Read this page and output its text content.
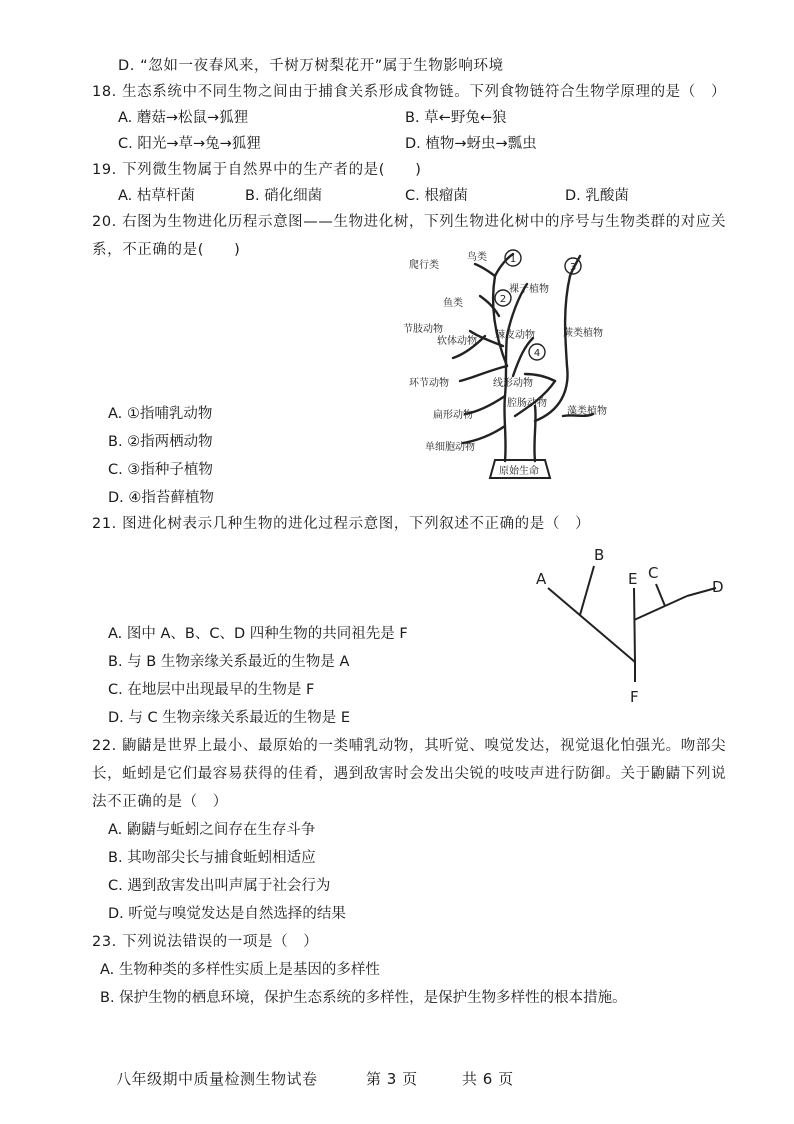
D. “忽如一夜春风来，千树万树梨花开”属于生物影响环境
18. 生态系统中不同生物之间由于捕食关系形成食物链。下列食物链符合生物学原理的是（　）
A. 蘑菇→松鼠→狐狸	B. 草←野兔←狼
C. 阳光→草→兔→狐狸	D. 植物→蚜虫→瓢虫
19. 下列微生物属于自然界中的生产者的是(　　)
A. 枯草杆菌	B. 硝化细菌	C. 根瘤菌	D. 乳酸菌
20. 右图为生物进化历程示意图——生物进化树，下列生物进化树中的序号与生物类群的对应关
系，不正确的是(　　)
A. ①指哺乳动物
B. ②指两栖动物
C. ③指种子植物
D. ④指苔藓植物
1
2
3
4
爬行类
鸟类
鱼类
裸子植物
节肢动物
软体动物
棘皮动物	蕨类植物
环节动物	线形动物
腔肠动物
藻类植物
扁形动物
单细胞动物
原始生命
21. 图进化树表示几种生物的进化过程示意图，下列叙述不正确的是（　）
A. 图中 A、B、C、D 四种生物的共同祖先是 F
B. 与 B 生物亲缘关系最近的生物是 A
C. 在地层中出现最早的生物是 F
D. 与 C 生物亲缘关系最近的生物是 E
A
B
E C
D
F
22. 鼩鼱是世界上最小、最原始的一类哺乳动物，其听觉、嗅觉发达，视觉退化怕强光。吻部尖
长，蚯蚓是它们最容易获得的佳肴，遇到敌害时会发出尖锐的吱吱声进行防御。关于鼩鼱下列说
法不正确的是（　）
A. 鼩鼱与蚯蚓之间存在生存斗争
B. 其吻部尖长与捕食蚯蚓相适应
C. 遇到敌害发出叫声属于社会行为
D. 听觉与嗅觉发达是自然选择的结果
23. 下列说法错误的一项是（　）
A. 生物种类的多样性实质上是基因的多样性
B. 保护生物的栖息环境，保护生态系统的多样性，是保护生物多样性的根本措施。
八年级期中质量检测生物试卷	第 3 页	共 6 页
